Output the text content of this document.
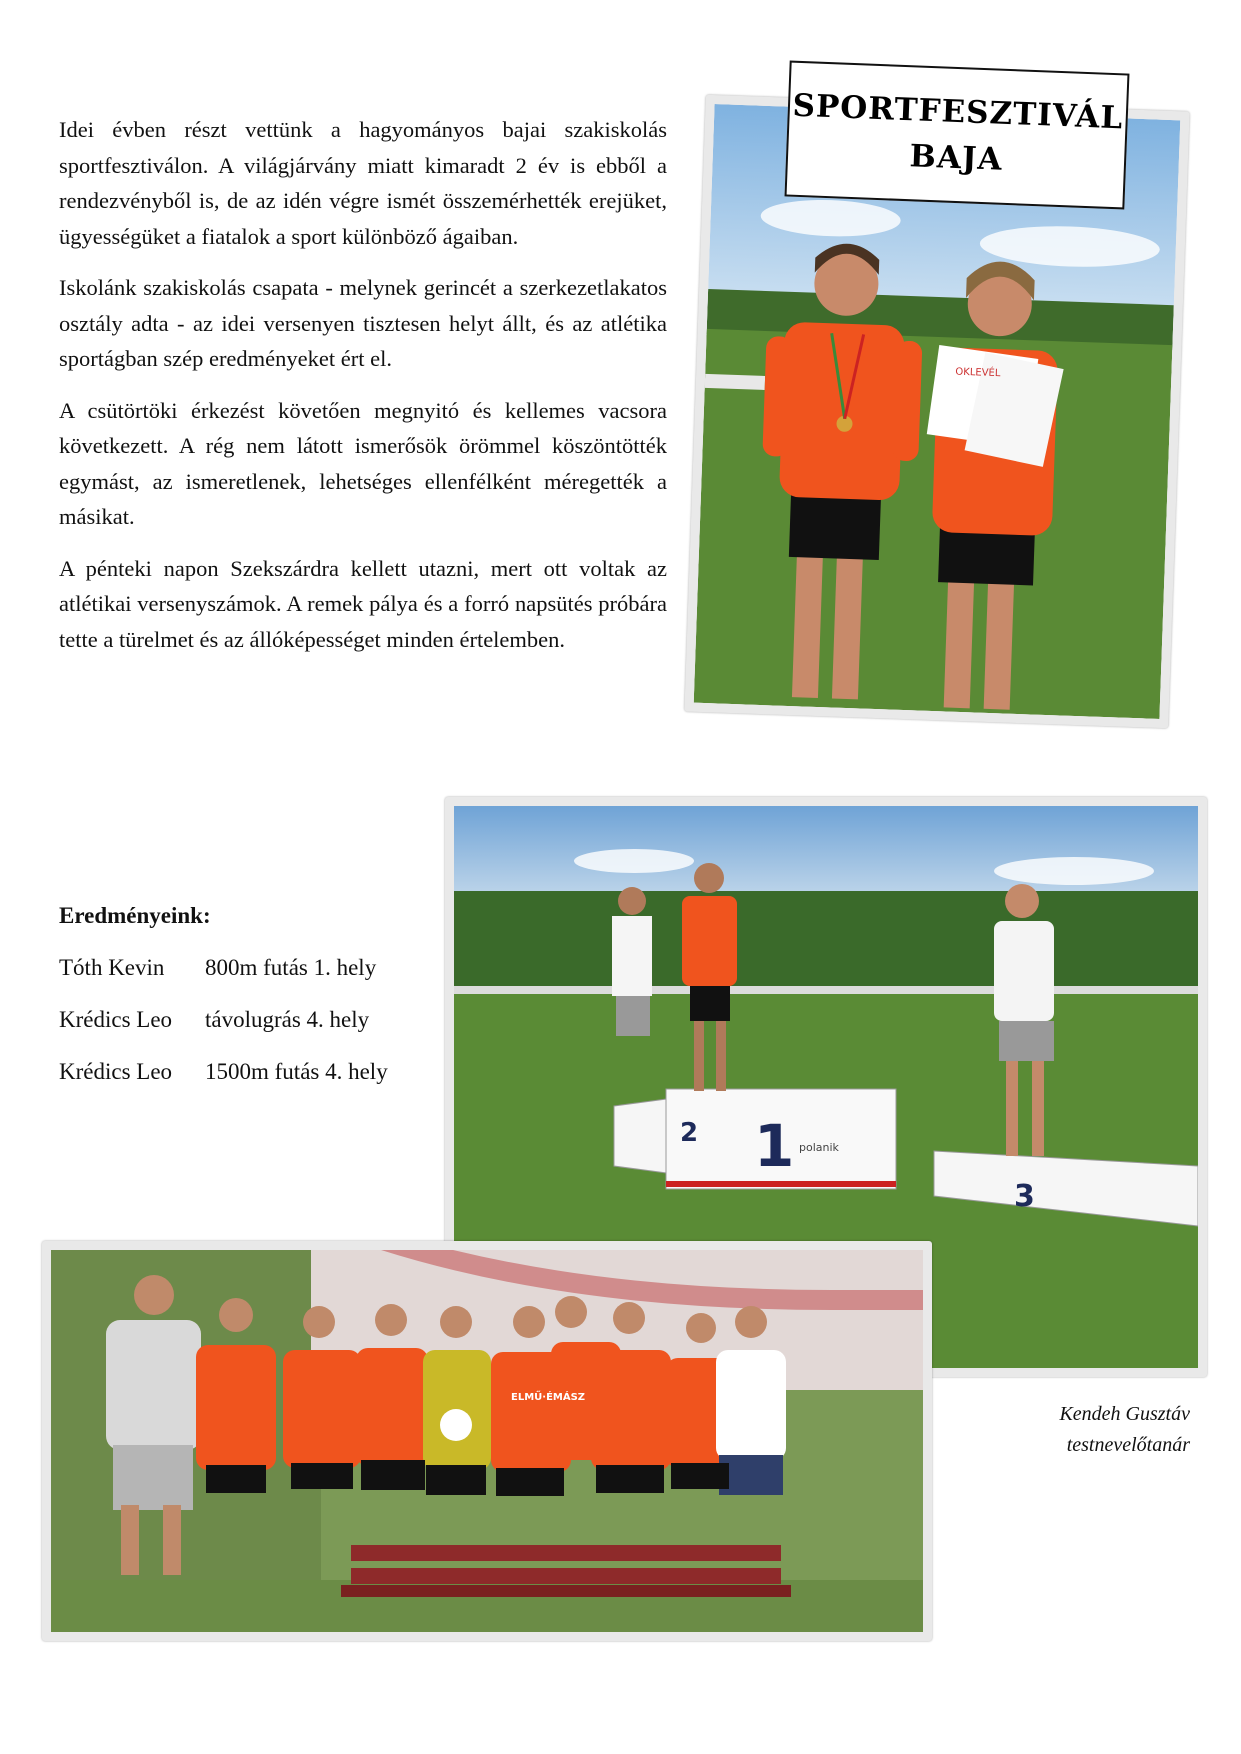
Idei évben részt vettünk a hagyományos bajai szakiskolás sportfesztiválon. A világjárvány miatt kimaradt 2 év is ebből a rendezvényből is, de az idén végre ismét összemérhették erejüket, ügyességüket a fiatalok a sport különböző ágaiban.

Iskolánk szakiskolás csapata - melynek gerincét a szerkezetlakatos osztály adta - az idei versenyen tisztesen helyt állt, és az atlétika sportágban szép eredményeket ért el.

A csütörtöki érkezést követően megnyitó és kellemes vacsora következett. A rég nem látott ismerősök örömmel köszöntötték egymást, az ismeretlenek, lehetséges ellenfélként méregették a másikat.

A pénteki napon Szekszárdra kellett utazni, mert ott voltak az atlétikai versenyszámok. A remek pálya és a forró napsütés próbára tette a türelmet és az állóképességet minden értelemben.

OKLEVÉL
SPORTFESZTIVÁL
BAJA
Eredményeink:
Tóth Kevin	800m futás 1. hely
Krédics Leo	távolugrás 4. hely
Krédics Leo	1500m futás 4. hely
2 1
3
polanik
ELMŰ·ÉMÁSZ
Kendeh Gusztáv
testnevelőtanár
